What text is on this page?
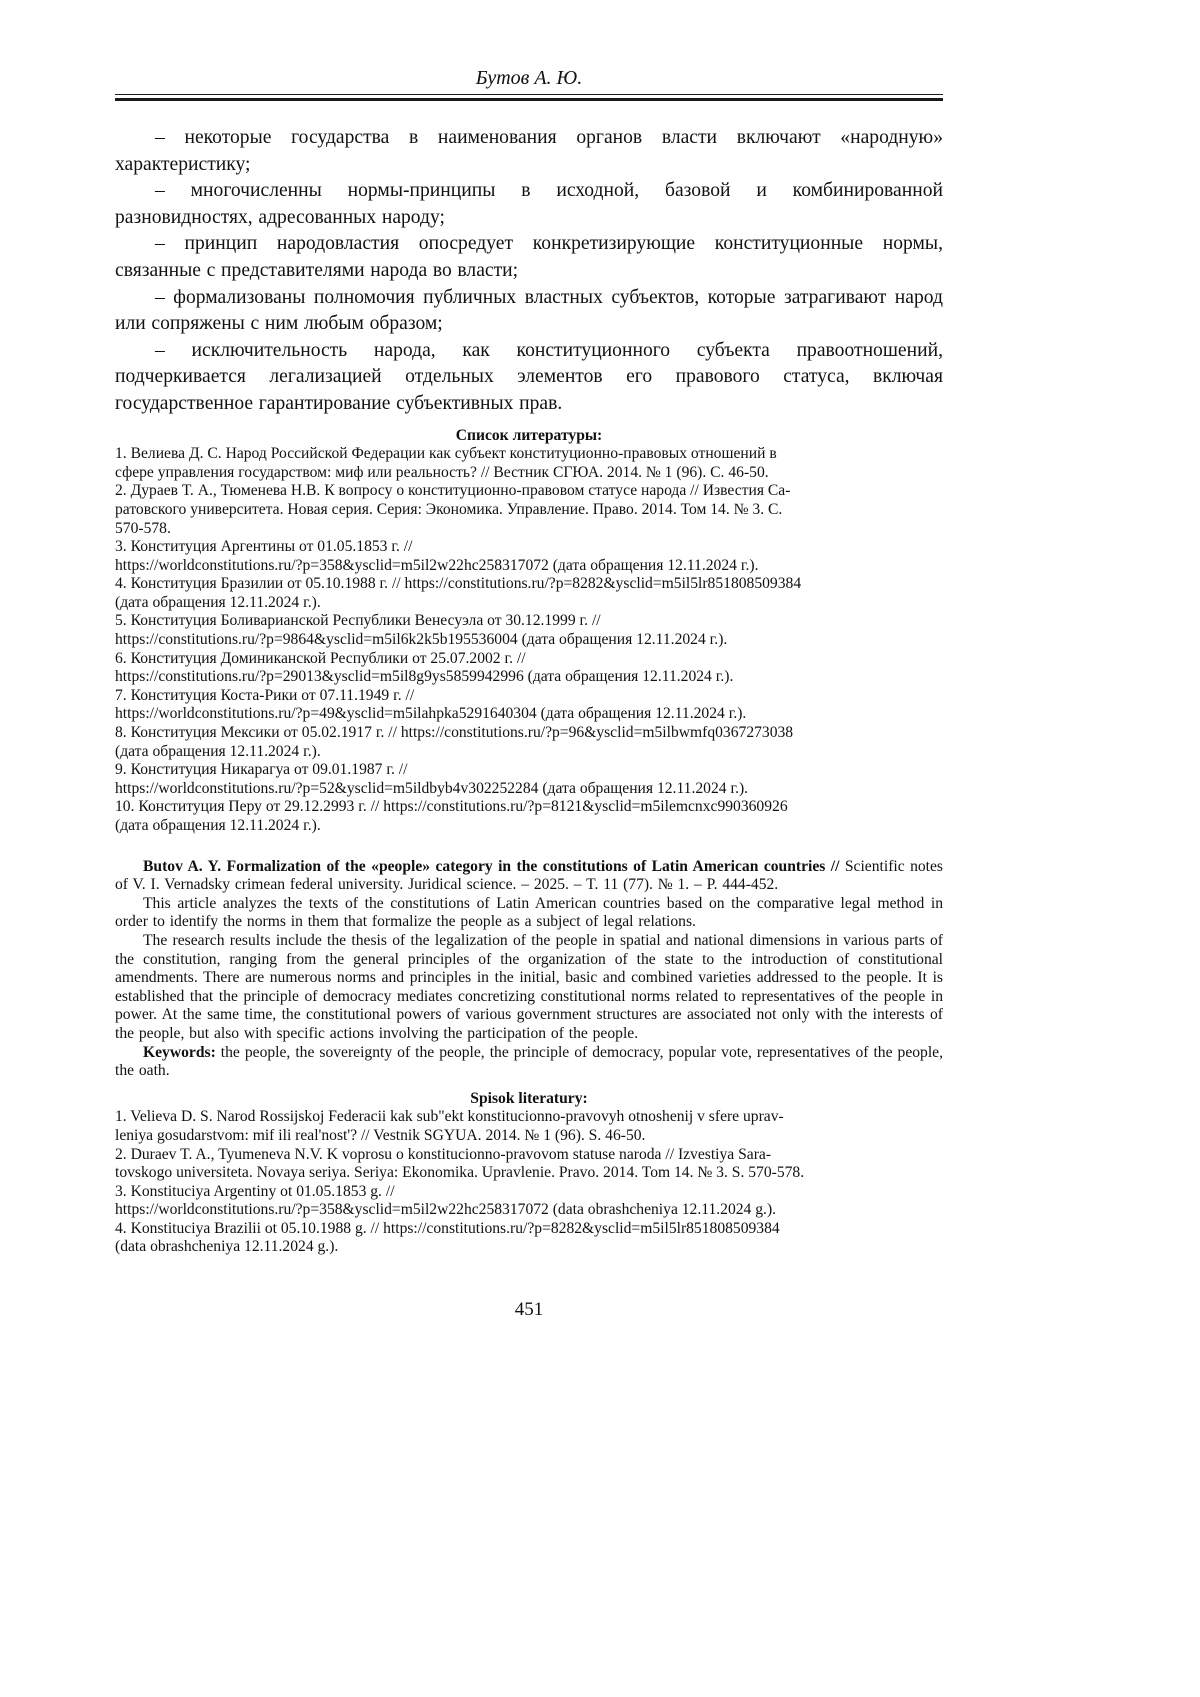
Бутов А. Ю.

– некоторые государства в наименования органов власти включают «народную» характеристику;

– многочисленны нормы-принципы в исходной, базовой и комбинированной разновидностях, адресованных народу;

– принцип народовластия опосредует конкретизирующие конституционные нормы, связанные с представителями народа во власти;

– формализованы полномочия публичных властных субъектов, которые затрагивают народ или сопряжены с ним любым образом;

– исключительность народа, как конституционного субъекта правоотношений, подчеркивается легализацией отдельных элементов его правового статуса, включая государственное гарантирование субъективных прав.

Список литературы:

1. Велиева Д. С. Народ Российской Федерации как субъект конституционно-правовых отношений в
сфере управления государством: миф или реальность? // Вестник СГЮА. 2014. № 1 (96). С. 46-50.

2. Дураев Т. А., Тюменева Н.В. К вопросу о конституционно-правовом статусе народа // Известия Са-
ратовского университета. Новая серия. Серия: Экономика. Управление. Право. 2014. Том 14. № 3. С.
570-578.

3. Конституция Аргентины от 01.05.1853 г. //
https://worldconstitutions.ru/?p=358&ysclid=m5il2w22hc258317072 (дата обращения 12.11.2024 г.).

4. Конституция Бразилии от 05.10.1988 г. // https://constitutions.ru/?p=8282&ysclid=m5il5lr851808509384
(дата обращения 12.11.2024 г.).

5. Конституция Боливарианской Республики Венесуэла от 30.12.1999 г. //
https://constitutions.ru/?p=9864&ysclid=m5il6k2k5b195536004 (дата обращения 12.11.2024 г.).

6. Конституция Доминиканской Республики от 25.07.2002 г. //
https://constitutions.ru/?p=29013&ysclid=m5il8g9ys5859942996 (дата обращения 12.11.2024 г.).

7. Конституция Коста-Рики от 07.11.1949 г. //
https://worldconstitutions.ru/?p=49&ysclid=m5ilahpka5291640304 (дата обращения 12.11.2024 г.).

8. Конституция Мексики от 05.02.1917 г. // https://constitutions.ru/?p=96&ysclid=m5ilbwmfq0367273038
(дата обращения 12.11.2024 г.).

9. Конституция Никарагуа от 09.01.1987 г. //
https://worldconstitutions.ru/?p=52&ysclid=m5ildbyb4v302252284 (дата обращения 12.11.2024 г.).

10. Конституция Перу от 29.12.2993 г. // https://constitutions.ru/?p=8121&ysclid=m5ilemcnxc990360926
(дата обращения 12.11.2024 г.).

Butov A. Y. Formalization of the «people» category in the constitutions of Latin American countries // Scientific notes of V. I. Vernadsky crimean federal university. Juridical science. – 2025. – T. 11 (77). № 1. – P. 444-452.

This article analyzes the texts of the constitutions of Latin American countries based on the comparative legal method in order to identify the norms in them that formalize the people as a subject of legal relations.

The research results include the thesis of the legalization of the people in spatial and national dimensions in various parts of the constitution, ranging from the general principles of the organization of the state to the introduction of constitutional amendments. There are numerous norms and principles in the initial, basic and combined varieties addressed to the people. It is established that the principle of democracy mediates concretizing constitutional norms related to representatives of the people in power. At the same time, the constitutional powers of various government structures are associated not only with the interests of the people, but also with specific actions involving the participation of the people.

Keywords: the people, the sovereignty of the people, the principle of democracy, popular vote, representatives of the people, the oath.

Spisok literatury:

1. Velieva D. S. Narod Rossijskoj Federacii kak sub"ekt konstitucionno-pravovyh otnoshenij v sfere uprav-
leniya gosudarstvom: mif ili real'nost'? // Vestnik SGYUA. 2014. № 1 (96). S. 46-50.

2. Duraev T. A., Tyumeneva N.V. K voprosu o konstitucionno-pravovom statuse naroda // Izvestiya Sara-
tovskogo universiteta. Novaya seriya. Seriya: Ekonomika. Upravlenie. Pravo. 2014. Tom 14. № 3. S. 570-578.

3. Konstituciya Argentiny ot 01.05.1853 g. //
https://worldconstitutions.ru/?p=358&ysclid=m5il2w22hc258317072 (data obrashcheniya 12.11.2024 g.).

4. Konstituciya Brazilii ot 05.10.1988 g. // https://constitutions.ru/?p=8282&ysclid=m5il5lr851808509384
(data obrashcheniya 12.11.2024 g.).

451
